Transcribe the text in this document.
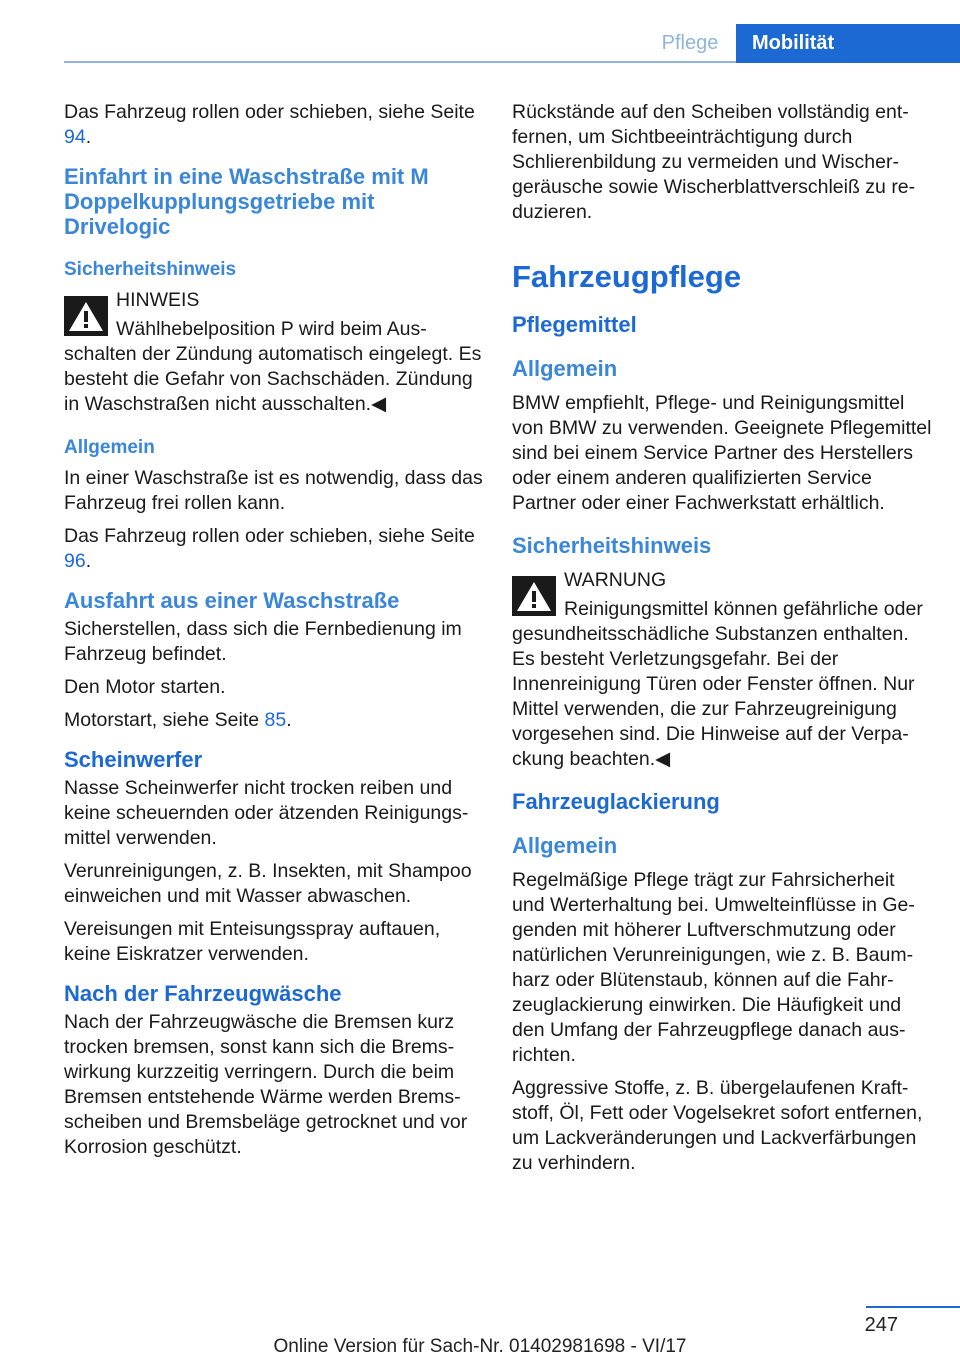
Pflege	Mobilität

Das Fahrzeug rollen oder schieben, siehe Seite 94.

Einfahrt in eine Waschstraße mit M Doppelkupplungsgetriebe mit Drivelogic
Sicherheitshinweis

HINWEIS

Wählhebelposition P wird beim Ausschalten der Zündung automatisch eingelegt. Es besteht die Gefahr von Sachschäden. Zündung in Waschstraßen nicht ausschalten.◀

Allgemein

In einer Waschstraße ist es notwendig, dass das Fahrzeug frei rollen kann.

Das Fahrzeug rollen oder schieben, siehe Seite 96.

Ausfahrt aus einer Waschstraße

Sicherstellen, dass sich die Fernbedienung im Fahrzeug befindet.

Den Motor starten.

Motorstart, siehe Seite 85.

Scheinwerfer

Nasse Scheinwerfer nicht trocken reiben und keine scheuernden oder ätzenden Reinigungsmittel verwenden.

Verunreinigungen, z. B. Insekten, mit Shampoo einweichen und mit Wasser abwaschen.

Vereisungen mit Enteisungsspray auftauen, keine Eiskratzer verwenden.

Nach der Fahrzeugwäsche

Nach der Fahrzeugwäsche die Bremsen kurz trocken bremsen, sonst kann sich die Bremswirkung kurzzeitig verringern. Durch die beim Bremsen entstehende Wärme werden Bremsscheiben und Bremsbeläge getrocknet und vor Korrosion geschützt.

Rückstände auf den Scheiben vollständig entfernen, um Sichtbeeinträchtigung durch Schlierenbildung zu vermeiden und Wischergeräusche sowie Wischerblattverschleiß zu reduzieren.

Fahrzeugpflege
Pflegemittel
Allgemein

BMW empfiehlt, Pflege- und Reinigungsmittel von BMW zu verwenden. Geeignete Pflegemittel sind bei einem Service Partner des Herstellers oder einem anderen qualifizierten Service Partner oder einer Fachwerkstatt erhältlich.

Sicherheitshinweis

WARNUNG

Reinigungsmittel können gefährliche oder gesundheitsschädliche Substanzen enthalten. Es besteht Verletzungsgefahr. Bei der Innenreinigung Türen oder Fenster öffnen. Nur Mittel verwenden, die zur Fahrzeugreinigung vorgesehen sind. Die Hinweise auf der Verpackung beachten.◀

Fahrzeuglackierung
Allgemein

Regelmäßige Pflege trägt zur Fahrsicherheit und Werterhaltung bei. Umwelteinflüsse in Gegenden mit höherer Luftverschmutzung oder natürlichen Verunreinigungen, wie z. B. Baumharz oder Blütenstaub, können auf die Fahrzeuglackierung einwirken. Die Häufigkeit und den Umfang der Fahrzeugpflege danach ausrichten.

Aggressive Stoffe, z. B. übergelaufenen Kraftstoff, Öl, Fett oder Vogelsekret sofort entfernen, um Lackveränderungen und Lackverfärbungen zu verhindern.

247
Online Version für Sach-Nr. 01402981698 - VI/17
